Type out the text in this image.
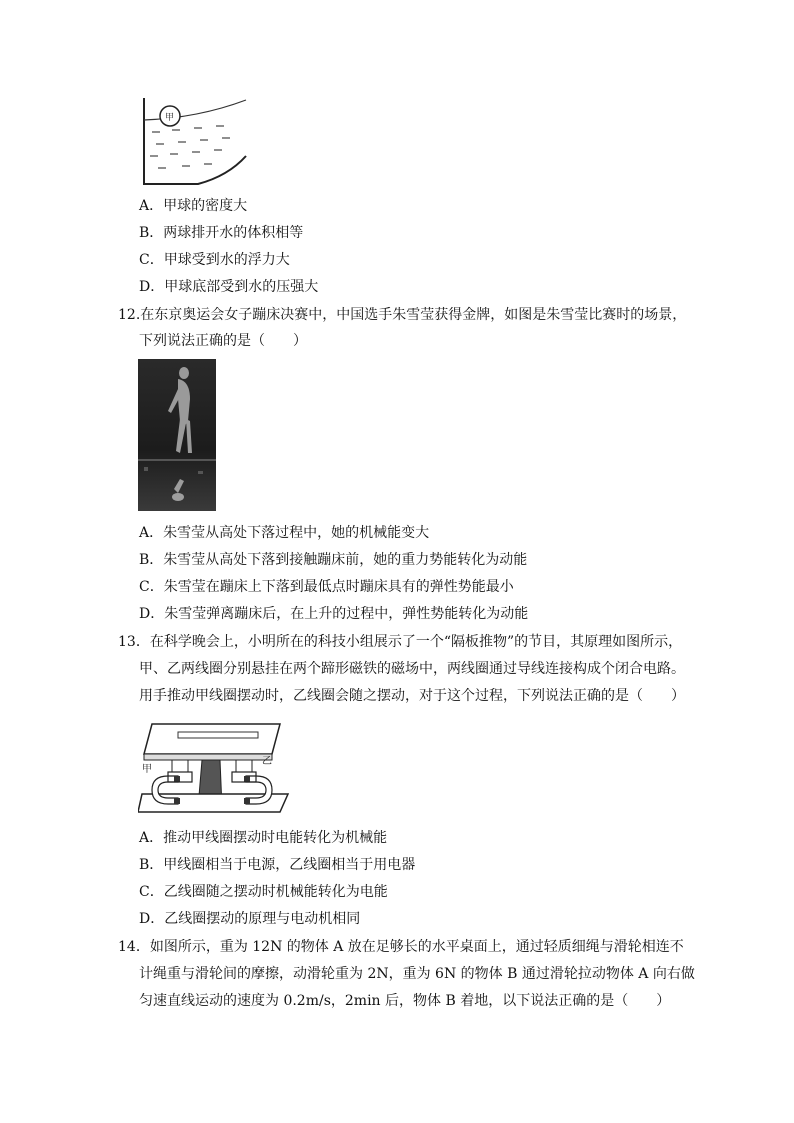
甲
A．甲球的密度大
B．两球排开水的体积相等
C．甲球受到水的浮力大
D．甲球底部受到水的压强大
12.在东京奥运会女子蹦床决赛中，中国选手朱雪莹获得金牌，如图是朱雪莹比赛时的场景，
下列说法正确的是（　　）
A．朱雪莹从高处下落过程中，她的机械能变大
B．朱雪莹从高处下落到接触蹦床前，她的重力势能转化为动能
C．朱雪莹在蹦床上下落到最低点时蹦床具有的弹性势能最小
D．朱雪莹弹离蹦床后，在上升的过程中，弹性势能转化为动能
13．在科学晚会上，小明所在的科技小组展示了一个“隔板推物”的节目，其原理如图所示，
甲、乙两线圈分别悬挂在两个蹄形磁铁的磁场中，两线圈通过导线连接构成个闭合电路。
用手推动甲线圈摆动时，乙线圈会随之摆动，对于这个过程，下列说法正确的是（　　）
甲
乙
A．推动甲线圈摆动时电能转化为机械能
B．甲线圈相当于电源，乙线圈相当于用电器
C．乙线圈随之摆动时机械能转化为电能
D．乙线圈摆动的原理与电动机相同
14．如图所示，重为 12N 的物体 A 放在足够长的水平桌面上，通过轻质细绳与滑轮相连不
计绳重与滑轮间的摩擦，动滑轮重为 2N，重为 6N 的物体 B 通过滑轮拉动物体 A 向右做
匀速直线运动的速度为 0.2m/s，2min 后，物体 B 着地，以下说法正确的是（　　）
